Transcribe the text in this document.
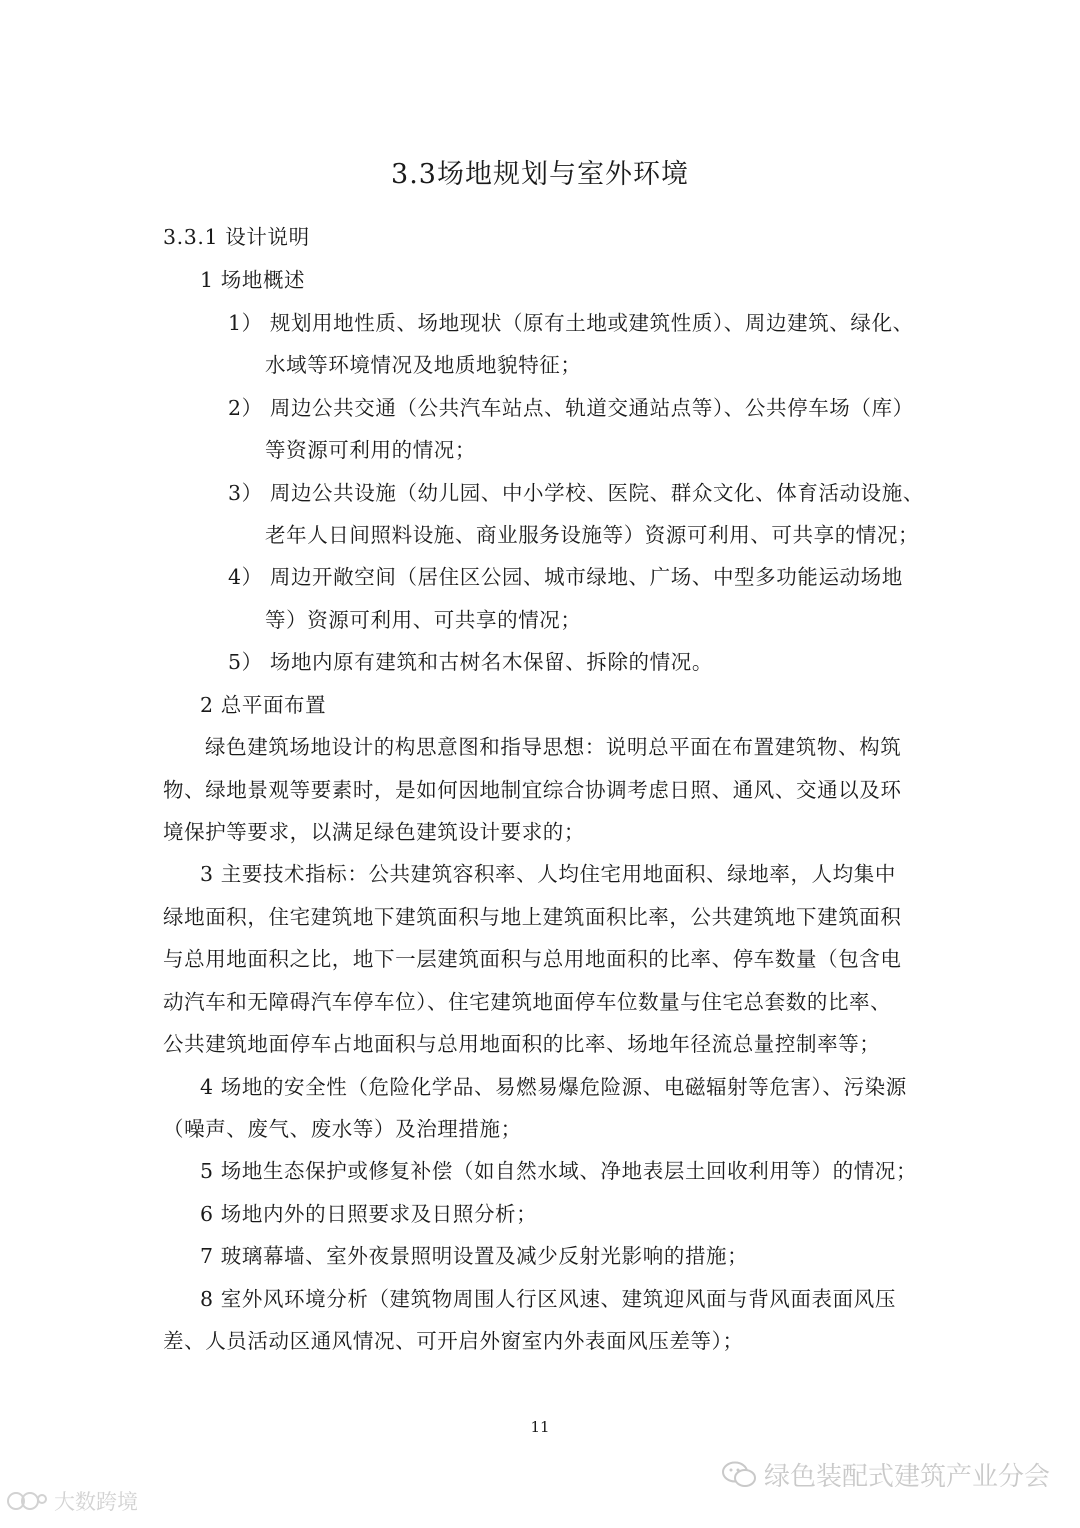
3.3场地规划与室外环境
3.3.1 设计说明
1 场地概述
1） 规划用地性质、场地现状（原有土地或建筑性质）、周边建筑、绿化、
水域等环境情况及地质地貌特征；
2） 周边公共交通（公共汽车站点、轨道交通站点等）、公共停车场（库）
等资源可利用的情况；
3） 周边公共设施（幼儿园、中小学校、医院、群众文化、体育活动设施、
老年人日间照料设施、商业服务设施等）资源可利用、可共享的情况；
4） 周边开敞空间（居住区公园、城市绿地、广场、中型多功能运动场地
等）资源可利用、可共享的情况；
5） 场地内原有建筑和古树名木保留、拆除的情况。
2 总平面布置
绿色建筑场地设计的构思意图和指导思想：说明总平面在布置建筑物、构筑
物、绿地景观等要素时，是如何因地制宜综合协调考虑日照、通风、交通以及环
境保护等要求，以满足绿色建筑设计要求的；
3 主要技术指标：公共建筑容积率、人均住宅用地面积、绿地率，人均集中
绿地面积，住宅建筑地下建筑面积与地上建筑面积比率，公共建筑地下建筑面积
与总用地面积之比，地下一层建筑面积与总用地面积的比率、停车数量（包含电
动汽车和无障碍汽车停车位）、住宅建筑地面停车位数量与住宅总套数的比率、
公共建筑地面停车占地面积与总用地面积的比率、场地年径流总量控制率等；
4 场地的安全性（危险化学品、易燃易爆危险源、电磁辐射等危害）、污染源
（噪声、废气、废水等）及治理措施；
5 场地生态保护或修复补偿（如自然水域、净地表层土回收利用等）的情况；
6 场地内外的日照要求及日照分析；
7 玻璃幕墙、室外夜景照明设置及减少反射光影响的措施；
8 室外风环境分析（建筑物周围人行区风速、建筑迎风面与背风面表面风压
差、人员活动区通风情况、可开启外窗室内外表面风压差等）；
11
绿色装配式建筑产业分会
大数跨境
